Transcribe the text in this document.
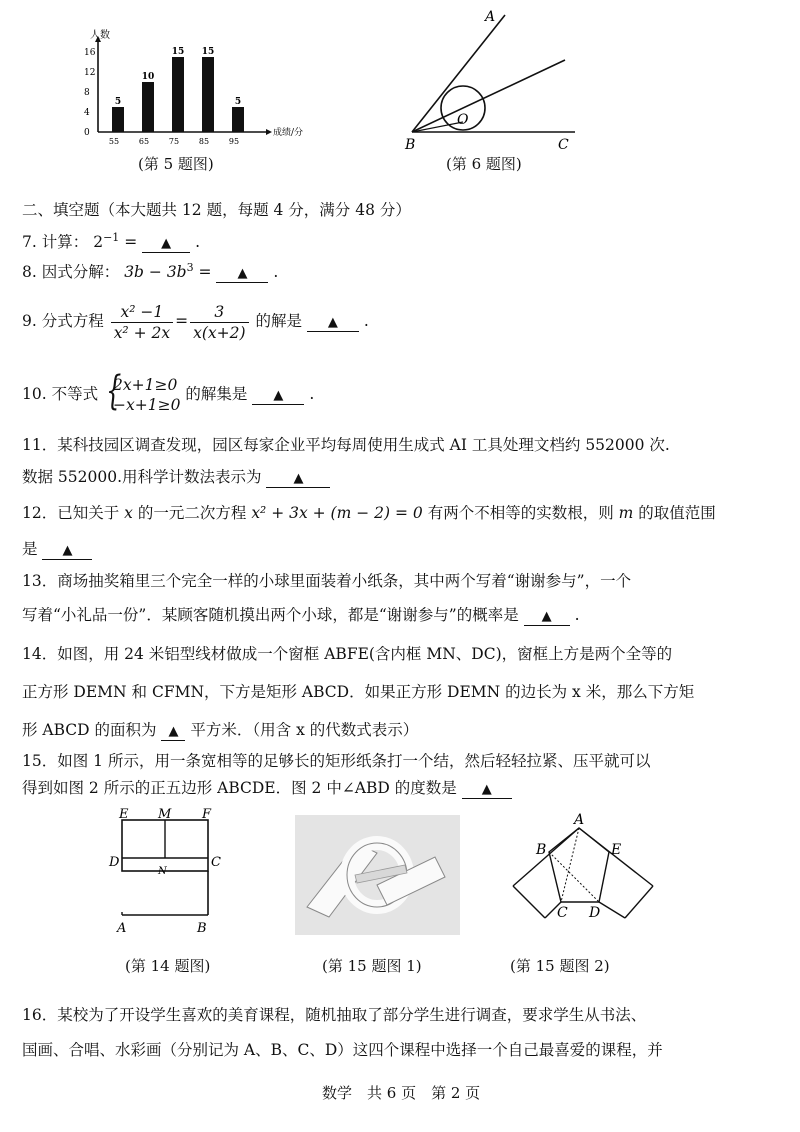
人数
成绩/分
0
4
8
12
16
5
55
10
65
15
75
15
85
5
95
(第 5 题图)
A
O
B	C
(第 6 题图)
二、填空题（本大题共 12 题，每题 4 分，满分 48 分）
7. 计算： $2^{-1}$ = ▲ .
8. 因式分解： $3b - 3b^3$ = ▲ .
9. 分式方程 $\frac{\text{x² −1}}{\text{x² + 2x}} = \frac{3}{x(x+2)}$ 的解是 ▲ .
10. 不等式 {
2x+1≥0
−x+1≥0
的解集是 ▲ .
11．某科技园区调查发现，园区每家企业平均每周使用生成式 AI 工具处理文档约 552000 次.
数据 552000.用科学计数法表示为 ▲
12．已知关于 x 的一元二次方程 x² + 3x + (m − 2) = 0 有两个不相等的实数根，则 m 的取值范围
是 ▲
13．商场抽奖箱里三个完全一样的小球里面装着小纸条，其中两个写着“谢谢参与”，一个
写着“小礼品一份”．某顾客随机摸出两个小球，都是“谢谢参与”的概率是 ▲ .
14．如图，用 24 米铝型线材做成一个窗框 ABFE(含内框 MN、DC)，窗框上方是两个全等的
正方形 DEMN 和 CFMN，下方是矩形 ABCD．如果正方形 DEMN 的边长为 x 米，那么下方矩
形 ABCD 的面积为 ▲ 平方米．（用含 x 的代数式表示）
15．如图 1 所示，用一条宽相等的足够长的矩形纸条打一个结，然后轻轻拉紧、压平就可以
得到如图 2 所示的正五边形 ABCDE．图 2 中∠ABD 的度数是 ▲
E M F
D
N
C
A	B
(第 14 题图)	(第 15 题图 1)
A
B	E
C D
(第 15 题图 2)
16．某校为了开设学生喜欢的美育课程，随机抽取了部分学生进行调查，要求学生从书法、
国画、合唱、水彩画（分别记为 A、B、C、D）这四个课程中选择一个自己最喜爱的课程，并
数学　共 6 页　第 2 页
